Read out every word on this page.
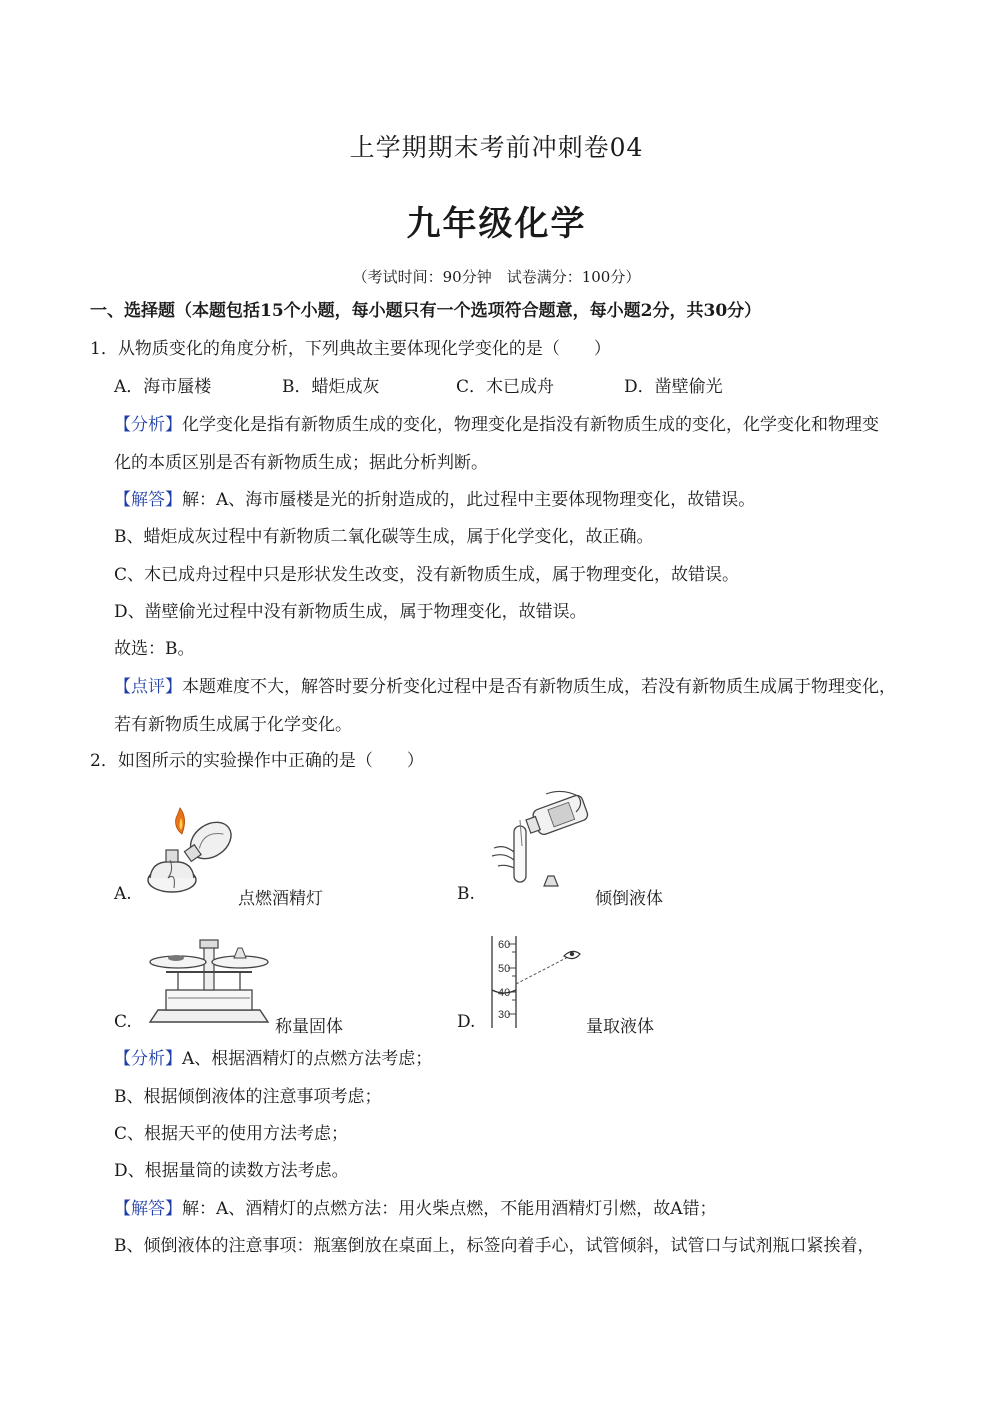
上学期期末考前冲刺卷04
九年级化学
（考试时间：90分钟　试卷满分：100分）
一、选择题（本题包括15个小题，每小题只有一个选项符合题意，每小题2分，共30分）
1．从物质变化的角度分析，下列典故主要体现化学变化的是（　　）
A．海市蜃楼	B．蜡炬成灰	C．木已成舟	D．凿壁偷光
【分析】化学变化是指有新物质生成的变化，物理变化是指没有新物质生成的变化，化学变化和物理变
化的本质区别是否有新物质生成；据此分析判断。
【解答】解：A、海市蜃楼是光的折射造成的，此过程中主要体现物理变化，故错误。
B、蜡炬成灰过程中有新物质二氧化碳等生成，属于化学变化，故正确。
C、木已成舟过程中只是形状发生改变，没有新物质生成，属于物理变化，故错误。
D、凿壁偷光过程中没有新物质生成，属于物理变化，故错误。
故选：B。
【点评】本题难度不大，解答时要分析变化过程中是否有新物质生成，若没有新物质生成属于物理变化，
若有新物质生成属于化学变化。
2．如图所示的实验操作中正确的是（　　）
A.	点燃酒精灯	B.	倾倒液体
C.	称量固体	D.
60
50
40
30
量取液体
【分析】A、根据酒精灯的点燃方法考虑；
B、根据倾倒液体的注意事项考虑；
C、根据天平的使用方法考虑；
D、根据量筒的读数方法考虑。
【解答】解：A、酒精灯的点燃方法：用火柴点燃，不能用酒精灯引燃，故A错；
B、倾倒液体的注意事项：瓶塞倒放在桌面上，标签向着手心，试管倾斜，试管口与试剂瓶口紧挨着，
